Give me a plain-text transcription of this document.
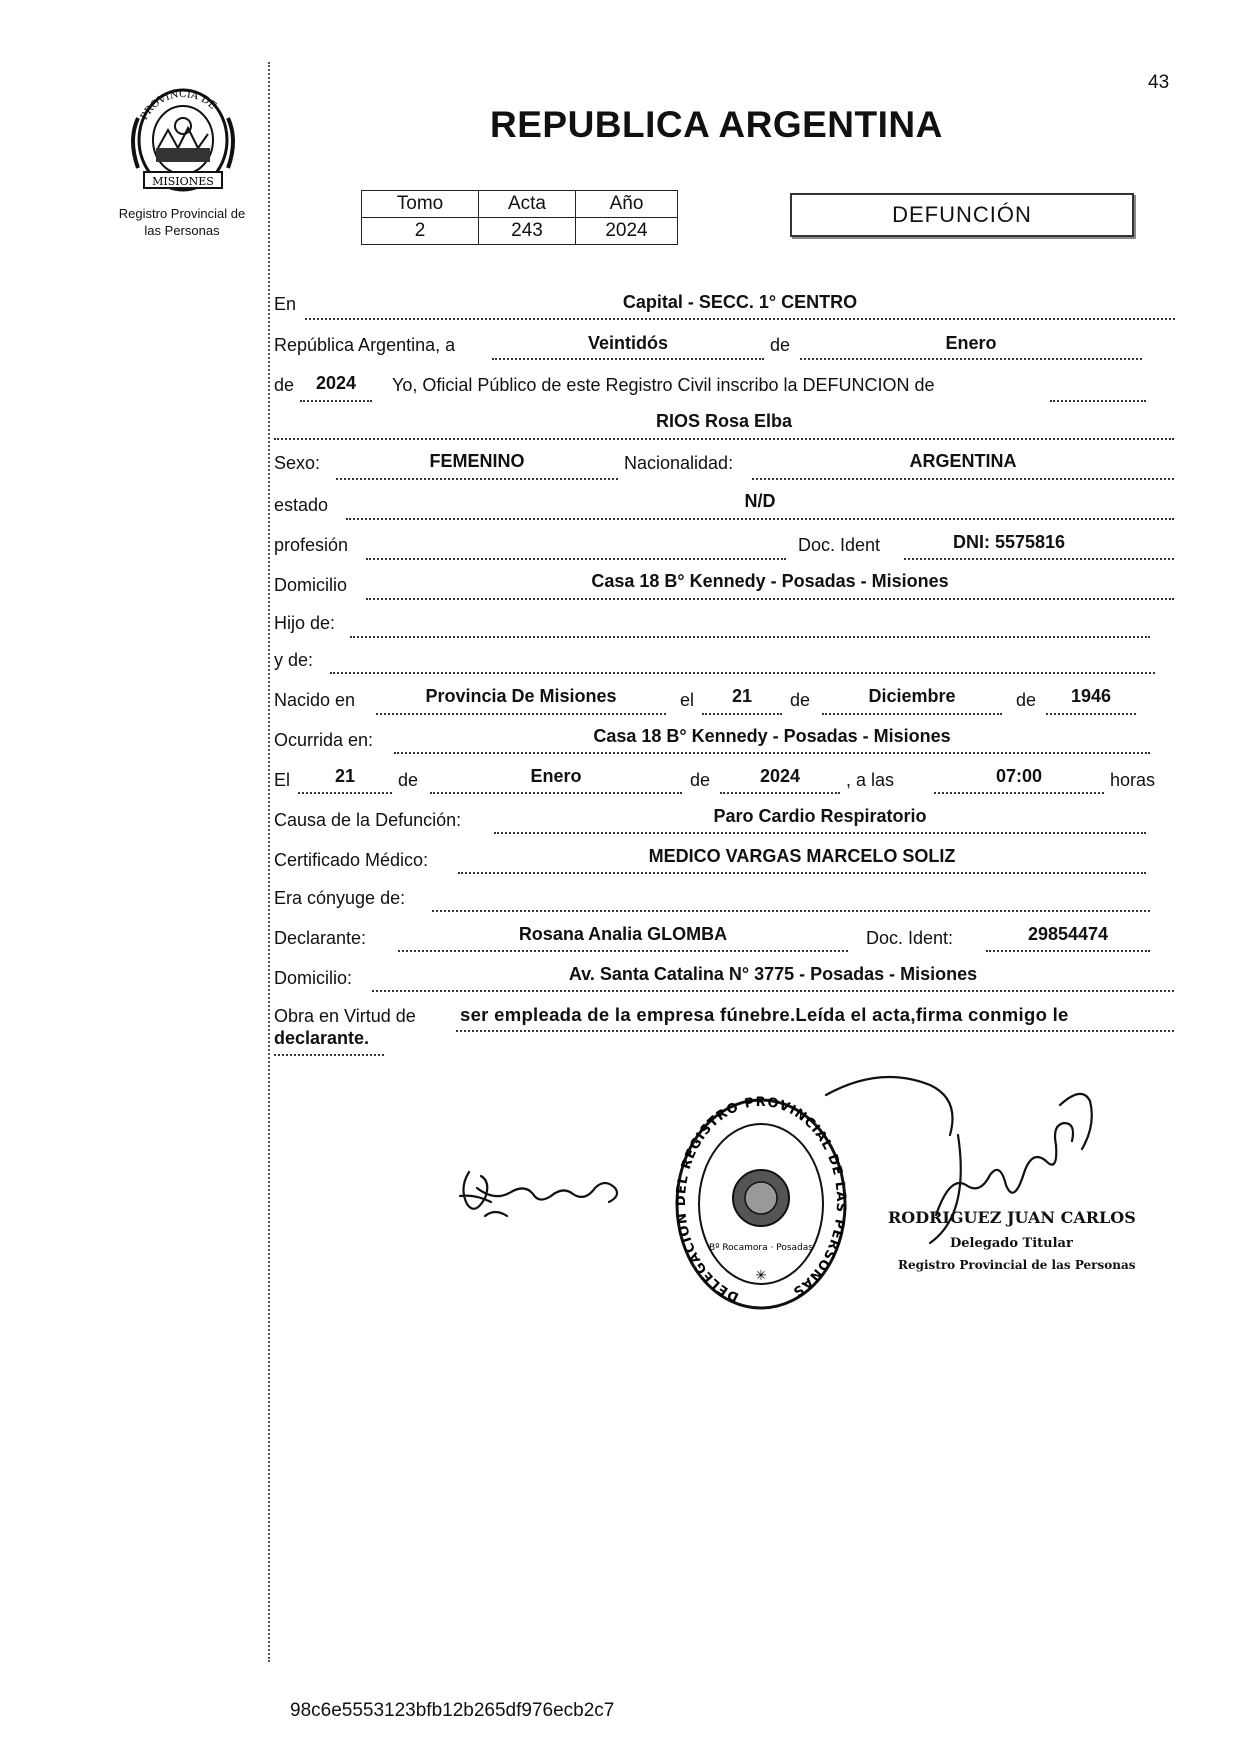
43
REPUBLICA ARGENTINA
PROVINCIA DE
MISIONES
Registro Provincial de
las Personas
Tomo	Acta	Año
2	243	2024
DEFUNCIÓN
En	Capital - SECC. 1° CENTRO
República Argentina, a	Veintidós	de	Enero
de	2024	Yo, Oficial Público de este Registro Civil inscribo la DEFUNCION de
RIOS Rosa Elba
Sexo:	FEMENINO	Nacionalidad:	ARGENTINA
estado	N/D
profesión	Doc. Ident	DNI: 5575816
Domicilio	Casa 18 B° Kennedy - Posadas - Misiones
Hijo de:
y de:
Nacido en	Provincia De Misiones	el	21	de	Diciembre	de	1946
Ocurrida en:	Casa 18 B° Kennedy - Posadas - Misiones
El	21	de	Enero	de	2024	, a las	07:00	horas
Causa de la Defunción:	Paro Cardio Respiratorio
Certificado Médico:	MEDICO VARGAS MARCELO SOLIZ
Era cónyuge de:
Declarante:	Rosana Analia GLOMBA	Doc. Ident:	29854474
Domicilio:	Av. Santa Catalina N° 3775 - Posadas - Misiones
Obra en Virtud de ser empleada de la empresa fúnebre.Leída el acta,firma conmigo le
declarante.
DELEGACION DEL REGISTRO PROVINCIAL DE LAS PERSONAS
Bº Rocamora · Posadas
✳
RODRIGUEZ JUAN CARLOS
Delegado Titular
Registro Provincial de las Personas
98c6e5553123bfb12b265df976ecb2c7
